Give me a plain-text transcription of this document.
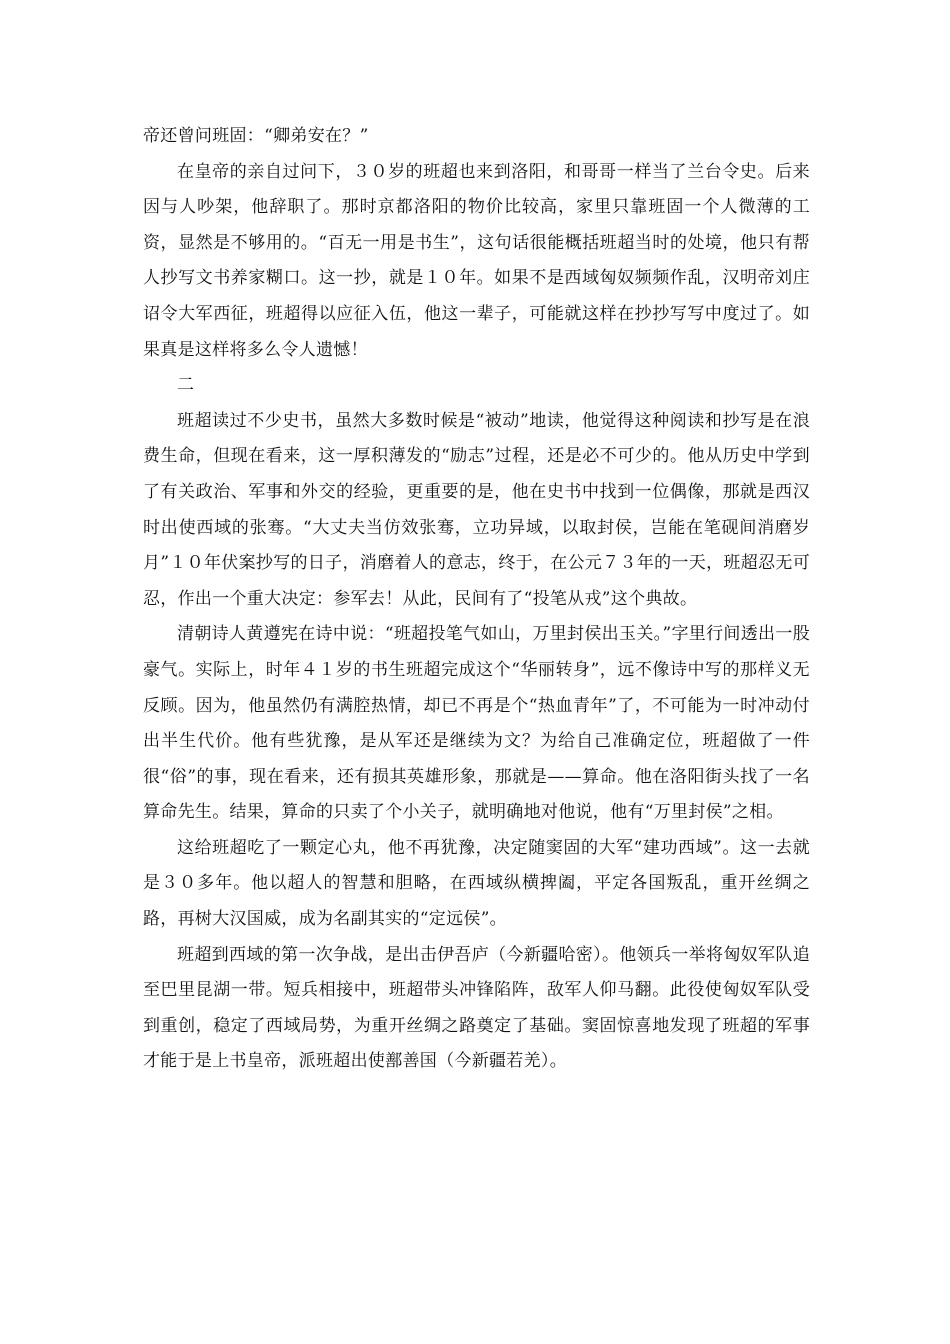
帝还曾问班固：“卿弟安在？”

在皇帝的亲自过问下，３０岁的班超也来到洛阳，和哥哥一样当了兰台令史。后来因与人吵架，他辞职了。那时京都洛阳的物价比较高，家里只靠班固一个人微薄的工资，显然是不够用的。“百无一用是书生”，这句话很能概括班超当时的处境，他只有帮人抄写文书养家糊口。这一抄，就是１０年。如果不是西域匈奴频频作乱，汉明帝刘庄诏令大军西征，班超得以应征入伍，他这一辈子，可能就这样在抄抄写写中度过了。如果真是这样将多么令人遗憾！

二

班超读过不少史书，虽然大多数时候是“被动”地读，他觉得这种阅读和抄写是在浪费生命，但现在看来，这一厚积薄发的“励志”过程，还是必不可少的。他从历史中学到了有关政治、军事和外交的经验，更重要的是，他在史书中找到一位偶像，那就是西汉时出使西域的张骞。“大丈夫当仿效张骞，立功异域，以取封侯，岂能在笔砚间消磨岁月”１０年伏案抄写的日子，消磨着人的意志，终于，在公元７３年的一天，班超忍无可忍，作出一个重大决定：参军去！从此，民间有了“投笔从戎”这个典故。

清朝诗人黄遵宪在诗中说：“班超投笔气如山，万里封侯出玉关。”字里行间透出一股豪气。实际上，时年４１岁的书生班超完成这个“华丽转身”，远不像诗中写的那样义无反顾。因为，他虽然仍有满腔热情，却已不再是个“热血青年”了，不可能为一时冲动付出半生代价。他有些犹豫，是从军还是继续为文？为给自己准确定位，班超做了一件很“俗”的事，现在看来，还有损其英雄形象，那就是——算命。他在洛阳街头找了一名算命先生。结果，算命的只卖了个小关子，就明确地对他说，他有“万里封侯”之相。

这给班超吃了一颗定心丸，他不再犹豫，决定随窦固的大军“建功西域”。这一去就是３０多年。他以超人的智慧和胆略，在西域纵横捭阖，平定各国叛乱，重开丝绸之路，再树大汉国威，成为名副其实的“定远侯”。

班超到西域的第一次争战，是出击伊吾庐（今新疆哈密）。他领兵一举将匈奴军队追至巴里昆湖一带。短兵相接中，班超带头冲锋陷阵，敌军人仰马翻。此役使匈奴军队受到重创，稳定了西域局势，为重开丝绸之路奠定了基础。窦固惊喜地发现了班超的军事才能于是上书皇帝，派班超出使鄯善国（今新疆若羌）。
